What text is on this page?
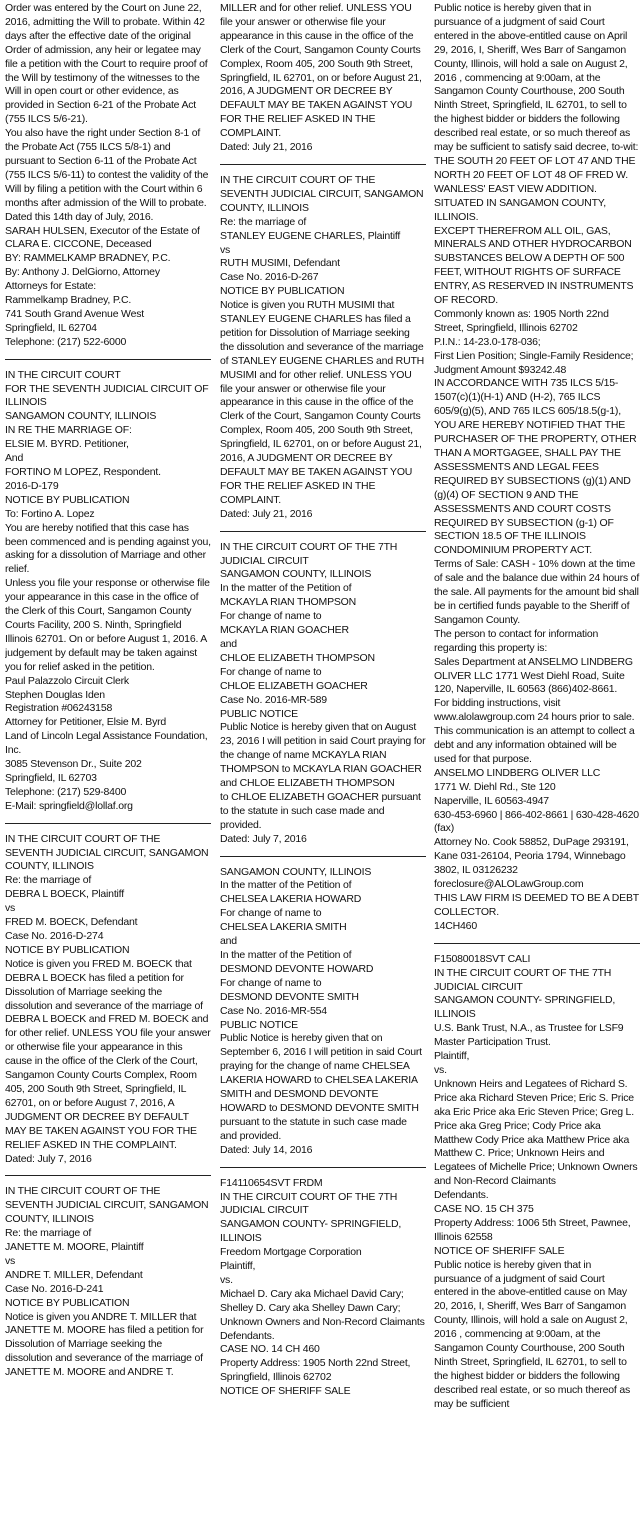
Order was entered by the Court on June 22, 2016, admitting the Will to probate. Within 42 days after the effective date of the original Order of admission, any heir or legatee may file a petition with the Court to require proof of the Will by testimony of the witnesses to the Will in open court or other evidence, as provided in Section 6-21 of the Probate Act (755 ILCS 5/6-21).

You also have the right under Section 8-1 of the Probate Act (755 ILCS 5/8-1) and pursuant to Section 6-11 of the Probate Act (755 ILCS 5/6-11) to contest the validity of the Will by filing a petition with the Court within 6 months after admission of the Will to probate.

Dated this 14th day of July, 2016.

SARAH HULSEN, Executor of the Estate of CLARA E. CICCONE, Deceased

BY: RAMMELKAMP BRADNEY, P.C.

By: Anthony J. DelGiorno, Attorney

Attorneys for Estate:

Rammelkamp Bradney, P.C.

741 South Grand Avenue West

Springfield, IL 62704

Telephone: (217) 522-6000

IN THE CIRCUIT COURT

FOR THE SEVENTH JUDICIAL CIRCUIT OF ILLINOIS

SANGAMON COUNTY, ILLINOIS

IN RE THE MARRIAGE OF:

ELSIE M. BYRD. Petitioner,

And

FORTINO M LOPEZ, Respondent.

2016-D-179

NOTICE BY PUBLICATION

To: Fortino A. Lopez

You are hereby notified that this case has been commenced and is pending against you, asking for a dissolution of Marriage and other relief.

Unless you file your response or otherwise file your appearance in this case in the office of the Clerk of this Court, Sangamon County Courts Facility, 200 S. Ninth, Springfield Illinois 62701. On or before August 1, 2016. A judgement by default may be taken against you for relief asked in the petition.

Paul Palazzolo Circuit Clerk

Stephen Douglas Iden

Registration #06243158

Attorney for Petitioner, Elsie M. Byrd

Land of Lincoln Legal Assistance Foundation, Inc.

3085 Stevenson Dr., Suite 202

Springfield, IL 62703

Telephone: (217) 529-8400

E-Mail: springfield@lollaf.org

IN THE CIRCUIT COURT OF THE SEVENTH JUDICIAL CIRCUIT, SANGAMON COUNTY, ILLINOIS

Re: the marriage of

DEBRA L BOECK, Plaintiff

vs

FRED M. BOECK, Defendant

Case No. 2016-D-274

NOTICE BY PUBLICATION

Notice is given you FRED M. BOECK that DEBRA L BOECK has filed a petition for Dissolution of Marriage seeking the dissolution and severance of the marriage of DEBRA L BOECK and FRED M. BOECK and for other relief. UNLESS YOU file your answer or otherwise file your appearance in this cause in the office of the Clerk of the Court, Sangamon County Courts Complex, Room 405, 200 South 9th Street, Springfield, IL 62701, on or before August 7, 2016, A JUDGMENT OR DECREE BY DEFAULT MAY BE TAKEN AGAINST YOU FOR THE RELIEF ASKED IN THE COMPLAINT.

Dated: July 7, 2016

IN THE CIRCUIT COURT OF THE SEVENTH JUDICIAL CIRCUIT, SANGAMON COUNTY, ILLINOIS

Re: the marriage of

JANETTE M. MOORE, Plaintiff

vs

ANDRE T. MILLER, Defendant

Case No. 2016-D-241

NOTICE BY PUBLICATION

Notice is given you ANDRE T. MILLER that JANETTE M. MOORE has filed a petition for Dissolution of Marriage seeking the dissolution and severance of the marriage of JANETTE M. MOORE and ANDRE T.

MILLER and for other relief. UNLESS YOU file your answer or otherwise file your appearance in this cause in the office of the Clerk of the Court, Sangamon County Courts Complex, Room 405, 200 South 9th Street, Springfield, IL 62701, on or before August 21, 2016, A JUDGMENT OR DECREE BY DEFAULT MAY BE TAKEN AGAINST YOU FOR THE RELIEF ASKED IN THE COMPLAINT.

Dated: July 21, 2016

IN THE CIRCUIT COURT OF THE SEVENTH JUDICIAL CIRCUIT, SANGAMON COUNTY, ILLINOIS

Re: the marriage of

STANLEY EUGENE CHARLES, Plaintiff

vs

RUTH MUSIMI, Defendant

Case No. 2016-D-267

NOTICE BY PUBLICATION

Notice is given you RUTH MUSIMI that STANLEY EUGENE CHARLES has filed a petition for Dissolution of Marriage seeking the dissolution and severance of the marriage of STANLEY EUGENE CHARLES and RUTH MUSIMI and for other relief. UNLESS YOU file your answer or otherwise file your appearance in this cause in the office of the Clerk of the Court, Sangamon County Courts Complex, Room 405, 200 South 9th Street, Springfield, IL 62701, on or before August 21, 2016, A JUDGMENT OR DECREE BY DEFAULT MAY BE TAKEN AGAINST YOU FOR THE RELIEF ASKED IN THE COMPLAINT.

Dated: July 21, 2016

IN THE CIRCUIT COURT OF THE 7TH JUDICIAL CIRCUIT

SANGAMON COUNTY, ILLINOIS

In the matter of the Petition of

MCKAYLA RIAN THOMPSON

For change of name to

MCKAYLA RIAN GOACHER

and

CHLOE ELIZABETH THOMPSON

For change of name to

CHLOE ELIZABETH GOACHER

Case No. 2016-MR-589

PUBLIC NOTICE

Public Notice is hereby given that on August 23, 2016 I will petition in said Court praying for the change of name MCKAYLA RIAN THOMPSON to MCKAYLA RIAN GOACHER and CHLOE ELIZABETH THOMPSON

to CHLOE ELIZABETH GOACHER pursuant to the statute in such case made and provided.

Dated: July 7, 2016

SANGAMON COUNTY, ILLINOIS

In the matter of the Petition of

CHELSEA LAKERIA HOWARD

For change of name to

CHELSEA LAKERIA SMITH

and

In the matter of the Petition of

DESMOND DEVONTE HOWARD

For change of name to

DESMOND DEVONTE SMITH

Case No. 2016-MR-554

PUBLIC NOTICE

Public Notice is hereby given that on September 6, 2016 I will petition in said Court praying for the change of name CHELSEA LAKERIA HOWARD to CHELSEA LAKERIA SMITH and DESMOND DEVONTE HOWARD to DESMOND DEVONTE SMITH pursuant to the statute in such case made and provided.

Dated: July 14, 2016

F14110654SVT FRDM

IN THE CIRCUIT COURT OF THE 7TH JUDICIAL CIRCUIT

SANGAMON COUNTY- SPRINGFIELD, ILLINOIS

Freedom Mortgage Corporation

Plaintiff,

vs.

Michael D. Cary aka Michael David Cary; Shelley D. Cary aka Shelley Dawn Cary; Unknown Owners and Non-Record Claimants

Defendants.

CASE NO. 14 CH 460

Property Address: 1905 North 22nd Street, Springfield, Illinois 62702

NOTICE OF SHERIFF SALE

Public notice is hereby given that in pursuance of a judgment of said Court entered in the above-entitled cause on April 29, 2016, I, Sheriff, Wes Barr of Sangamon County, Illinois, will hold a sale on August 2, 2016 , commencing at 9:00am, at the Sangamon County Courthouse, 200 South Ninth Street, Springfield, IL 62701, to sell to the highest bidder or bidders the following described real estate, or so much thereof as may be sufficient to satisfy said decree, to-wit:

THE SOUTH 20 FEET OF LOT 47 AND THE NORTH 20 FEET OF LOT 48 OF FRED W. WANLESS' EAST VIEW ADDITION. SITUATED IN SANGAMON COUNTY, ILLINOIS.

EXCEPT THEREFROM ALL OIL, GAS, MINERALS AND OTHER HYDROCARBON SUBSTANCES BELOW A DEPTH OF 500 FEET, WITHOUT RIGHTS OF SURFACE ENTRY, AS RESERVED IN INSTRUMENTS OF RECORD.

Commonly known as: 1905 North 22nd Street, Springfield, Illinois 62702

P.I.N.: 14-23.0-178-036;

First Lien Position; Single-Family Residence; Judgment Amount $93242.48

IN ACCORDANCE WITH 735 ILCS 5/15-1507(c)(1)(H-1) AND (H-2), 765 ILCS 605/9(g)(5), AND 765 ILCS 605/18.5(g-1), YOU ARE HEREBY NOTIFIED THAT THE PURCHASER OF THE PROPERTY, OTHER THAN A MORTGAGEE, SHALL PAY THE ASSESSMENTS AND LEGAL FEES REQUIRED BY SUBSECTIONS (g)(1) AND (g)(4) OF SECTION 9 AND THE ASSESSMENTS AND COURT COSTS REQUIRED BY SUBSECTION (g-1) OF SECTION 18.5 OF THE ILLINOIS CONDOMINIUM PROPERTY ACT.

Terms of Sale: CASH - 10% down at the time of sale and the balance due within 24 hours of the sale. All payments for the amount bid shall be in certified funds payable to the Sheriff of Sangamon County.

The person to contact for information regarding this property is:

Sales Department at ANSELMO LINDBERG OLIVER LLC 1771 West Diehl Road, Suite 120, Naperville, IL 60563 (866)402-8661.

For bidding instructions, visit www.alolawgroup.com 24 hours prior to sale.

This communication is an attempt to collect a debt and any information obtained will be used for that purpose.

ANSELMO LINDBERG OLIVER LLC

1771 W. Diehl Rd., Ste 120

Naperville, IL 60563-4947

630-453-6960 | 866-402-8661 | 630-428-4620 (fax)

Attorney No. Cook 58852, DuPage 293191, Kane 031-26104, Peoria 1794, Winnebago 3802, IL 03126232

foreclosure@ALOLawGroup.com

THIS LAW FIRM IS DEEMED TO BE A DEBT COLLECTOR.

14CH460

F15080018SVT CALI

IN THE CIRCUIT COURT OF THE 7TH JUDICIAL CIRCUIT

SANGAMON COUNTY- SPRINGFIELD, ILLINOIS

U.S. Bank Trust, N.A., as Trustee for LSF9 Master Participation Trust.

Plaintiff,

vs.

Unknown Heirs and Legatees of Richard S. Price aka Richard Steven Price; Eric S. Price aka Eric Price aka Eric Steven Price; Greg L. Price aka Greg Price; Cody Price aka Matthew Cody Price aka Matthew Price aka Matthew C. Price; Unknown Heirs and Legatees of Michelle Price; Unknown Owners and Non-Record Claimants

Defendants.

CASE NO. 15 CH 375

Property Address: 1006 5th Street, Pawnee, Illinois 62558

NOTICE OF SHERIFF SALE

Public notice is hereby given that in pursuance of a judgment of said Court entered in the above-entitled cause on May 20, 2016, I, Sheriff, Wes Barr of Sangamon County, Illinois, will hold a sale on August 2, 2016 , commencing at 9:00am, at the Sangamon County Courthouse, 200 South Ninth Street, Springfield, IL 62701, to sell to the highest bidder or bidders the following described real estate, or so much thereof as may be sufficient
